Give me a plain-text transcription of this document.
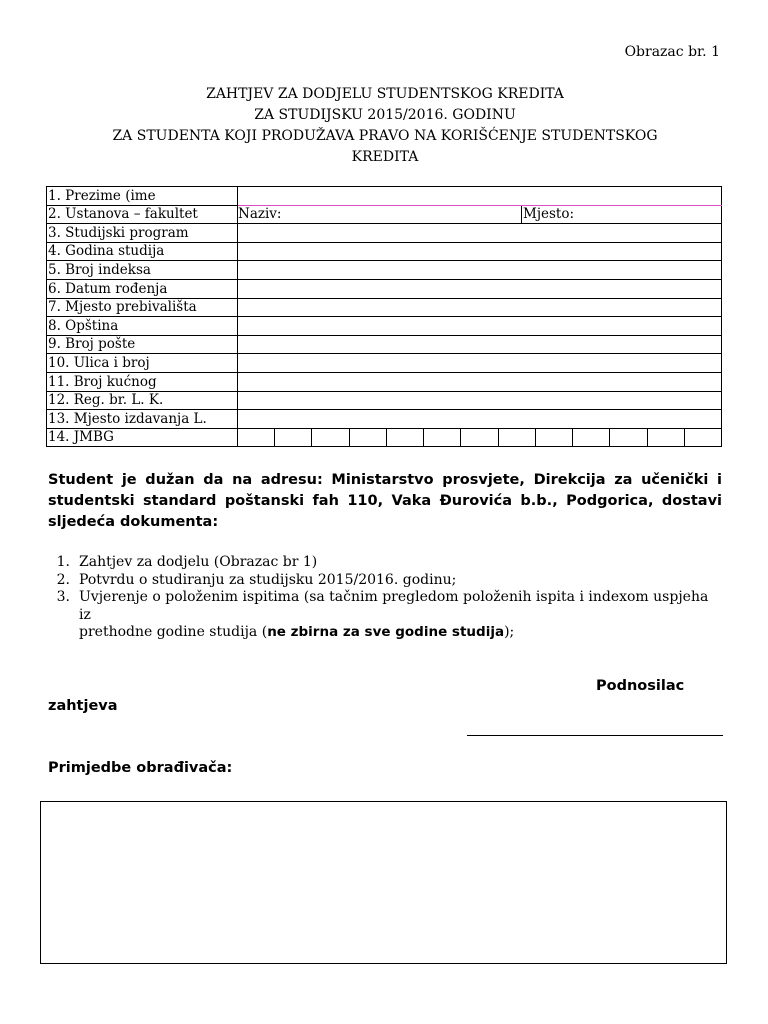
Obrazac br. 1
ZAHTJEV ZA DODJELU STUDENTSKOG KREDITA
ZA STUDIJSKU 2015/2016. GODINU
ZA STUDENTA KOJI PRODUŽAVA PRAVO NA KORIŠĆENJE STUDENTSKOG
KREDITA
1. Prezime (ime	
2. Ustanova – fakultet	Naziv: Mjesto:

3. Studijski program	
4. Godina studija	
5. Broj indeksa	
6. Datum rođenja	
7. Mjesto prebivališta	
8. Opština	
9. Broj pošte	
10. Ulica i broj	
11. Broj kućnog	
12. Reg. br. L. K.	
13. Mjesto izdavanja L.	
14. JMBG	
Student je dužan da na adresu: Ministarstvo prosvjete, Direkcija za učenički i studentski standard poštanski fah 110, Vaka Đurovića b.b., Podgorica, dostavi sljedeća dokumenta:
1. Zahtjev za dodjelu (Obrazac br 1)
2. Potvrdu o studiranju za studijsku 2015/2016. godinu;
3. Uvjerenje o položenim ispitima (sa tačnim pregledom položenih ispita i indexom uspjeha iz
prethodne godine studija (ne zbirna za sve godine studija);
Podnosilac
zahtjeva
Primjedbe obrađivača:
